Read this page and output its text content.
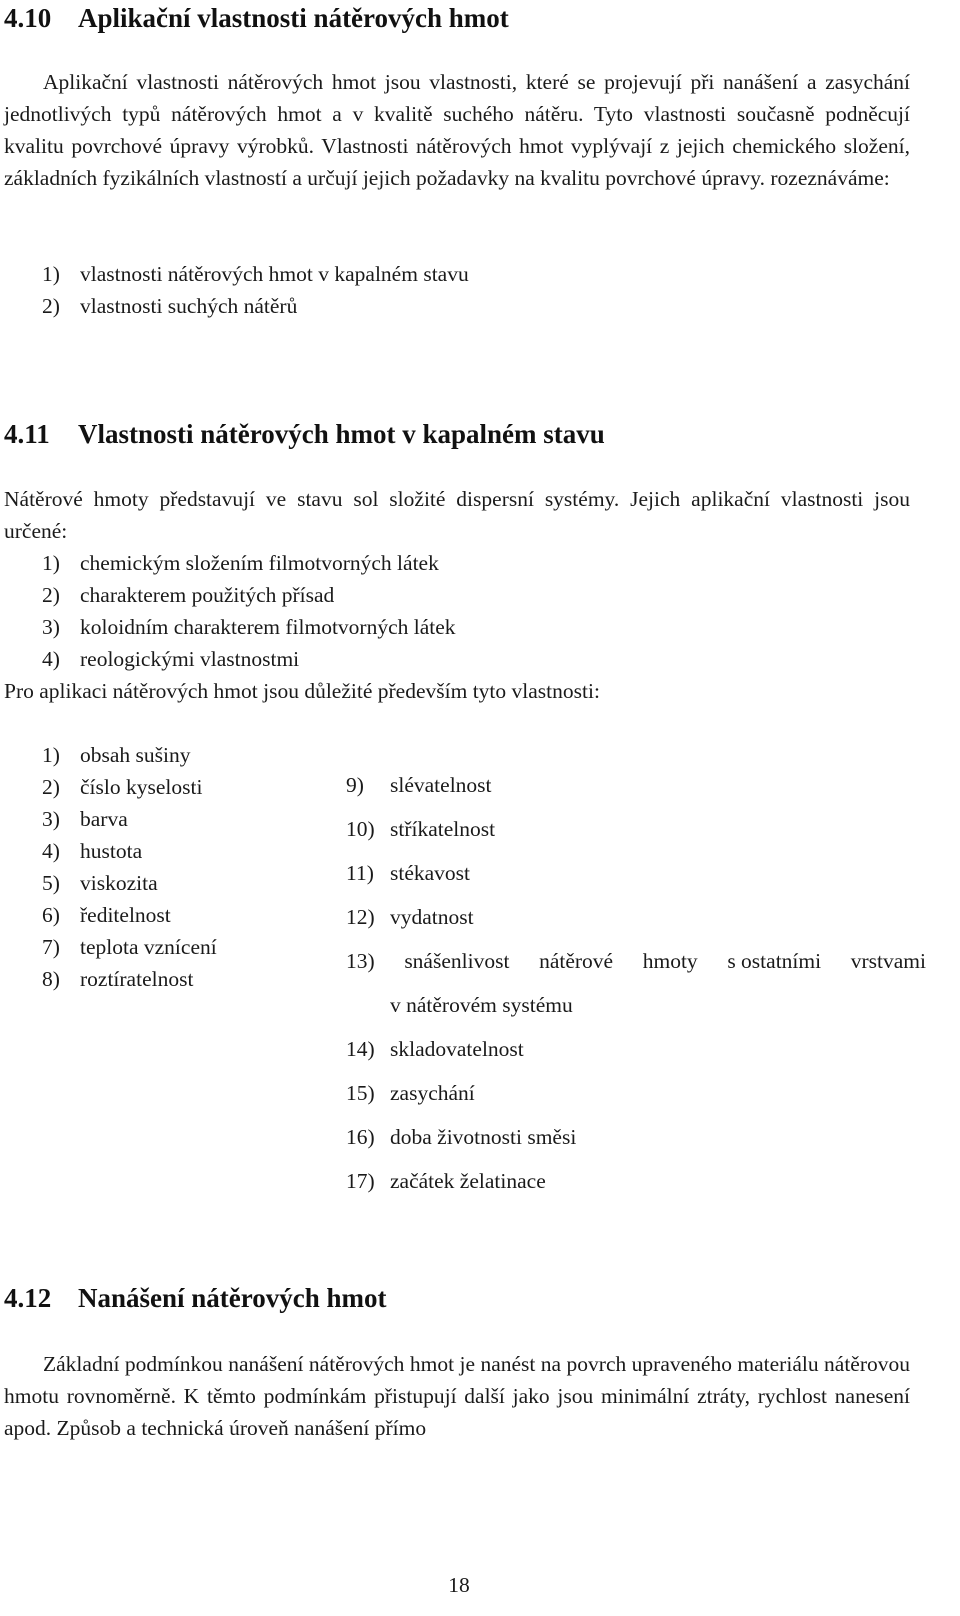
4.10 Aplikační vlastnosti nátěrových hmot

Aplikační vlastnosti nátěrových hmot jsou vlastnosti, které se projevují při nanášení a zasychání jednotlivých typů nátěrových hmot a v kvalitě suchého nátěru. Tyto vlastnosti současně podněcují kvalitu povrchové úpravy výrobků. Vlastnosti nátěrových hmot vyplývají z jejich chemického složení, základních fyzikálních vlastností a určují jejich požadavky na kvalitu povrchové úpravy. rozeznáváme:

1) vlastnosti nátěrových hmot v kapalném stavu
2) vlastnosti suchých nátěrů
4.11 Vlastnosti nátěrových hmot v kapalném stavu

Nátěrové hmoty představují ve stavu sol složité dispersní systémy. Jejich aplikační vlastnosti jsou určené:

1) chemickým složením filmotvorných látek
2) charakterem použitých přísad
3) koloidním charakterem filmotvorných látek
4) reologickými vlastnostmi
Pro aplikaci nátěrových hmot jsou důležité především tyto vlastnosti:
1) obsah sušiny
2) číslo kyselosti
3) barva
4) hustota
5) viskozita
6) ředitelnost
7) teplota vznícení
8) roztíratelnost
9) slévatelnost
10) stříkatelnost
11) stékavost
12) vydatnost
13) snášenlivost nátěrové hmoty s ostatními vrstvami
v nátěrovém systému
14) skladovatelnost
15) zasychání
16) doba životnosti směsi
17) začátek želatinace
4.12 Nanášení nátěrových hmot

Základní podmínkou nanášení nátěrových hmot je nanést na povrch upraveného materiálu nátěrovou hmotu rovnoměrně. K těmto podmínkám přistupují další jako jsou minimální ztráty, rychlost nanesení apod. Způsob a technická úroveň nanášení přímo

18
